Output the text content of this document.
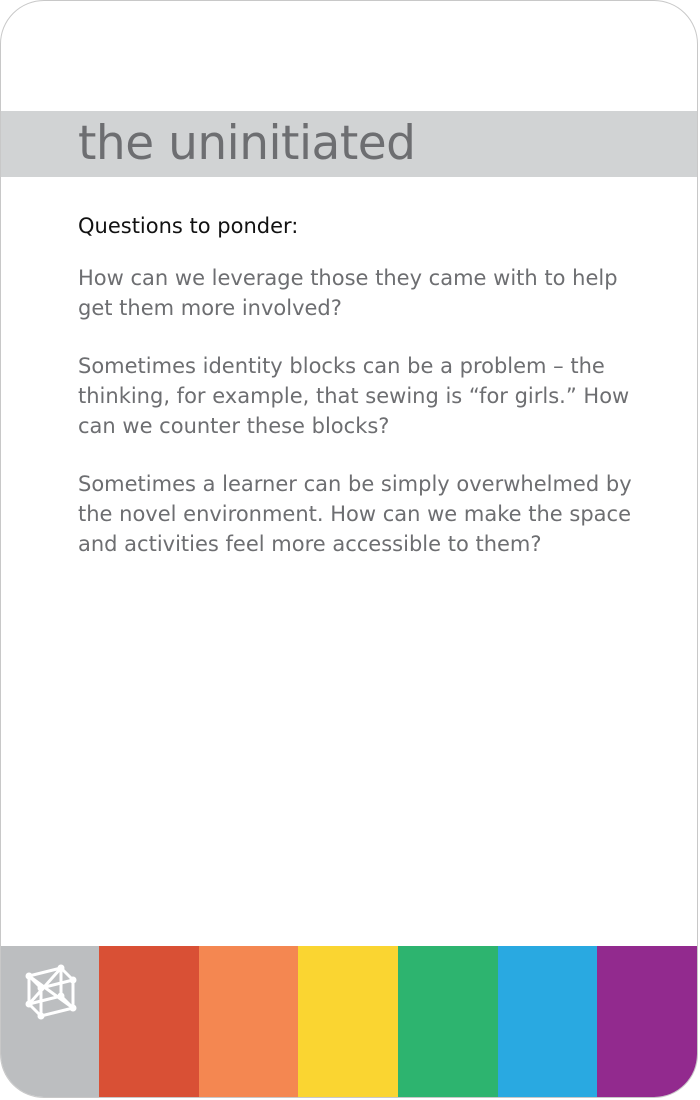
the uninitiated

Questions to ponder:

How can we leverage those they came with to help get them more involved?

Sometimes identity blocks can be a problem – the thinking, for example, that sewing is “for girls.” How can we counter these blocks?

Sometimes a learner can be simply overwhelmed by the novel environment. How can we make the space and activities feel more accessible to them?
